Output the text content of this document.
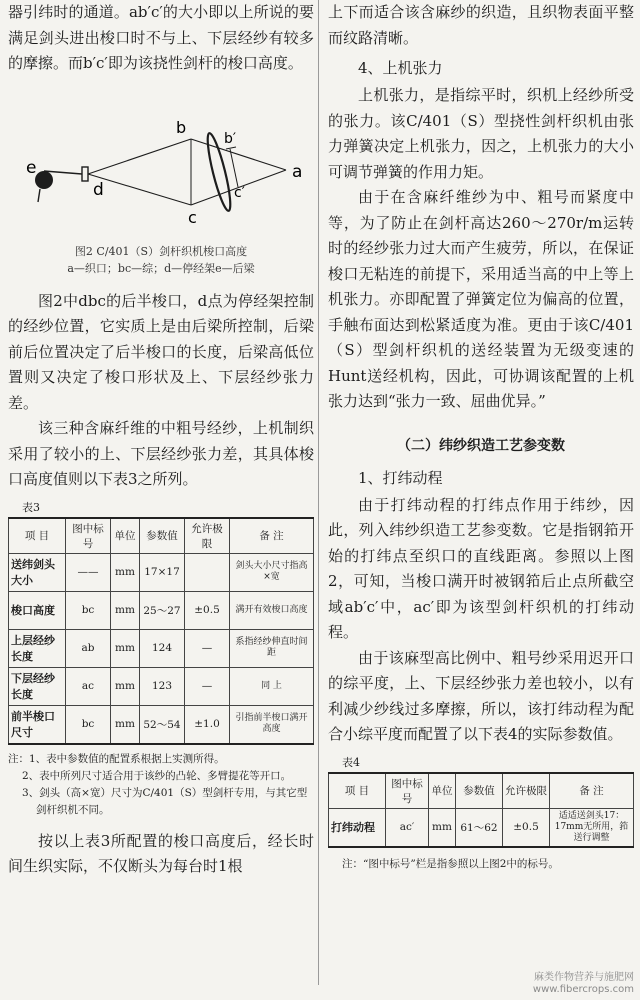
器引纬时的通道。ab′c′的大小即以上所说的要满足剑头进出梭口时不与上、下层经纱有较多的摩擦。而b′c′即为该挠性剑杆的梭口高度。

e
d
b
c
b′
c′
a
图2 C/401（S）剑杆织机梭口高度
a—织口；bc—综；d—停经架e—后梁

图2中dbc的后半梭口，d点为停经架控制的经纱位置，它实质上是由后梁所控制，后梁前后位置决定了后半梭口的长度，后梁高低位置则又决定了梭口形状及上、下层经纱张力差。

该三种含麻纤维的中粗号经纱，上机制织采用了较小的上、下层经纱张力差，其具体梭口高度值则以下表3之所列。

表3
项 目	图中标号	单位	参数值	允许极限	备 注
送纬剑头大小	——	mm	17×17		剑头大小尺寸指高×宽
梭口高度	bc	mm	25～27	±0.5	满开有效梭口高度
上层经纱长度	ab	mm	124	—	系指经纱伸直时间距
下层经纱长度	ac	mm	123	—	同 上
前半梭口尺寸	bc	mm	52～54	±1.0	引指前半梭口满开高度
注：1、表中参数值的配置系根据上实测所得。
2、表中所列尺寸适合用于该纱的凸轮、多臂提花等开口。
3、剑头（高×宽）尺寸为C/401（S）型剑杆专用，与其它型剑杆织机不同。

按以上表3所配置的梭口高度后，经长时间生织实际，不仅断头为每台时1根

上下而适合该含麻纱的织造，且织物表面平整而纹路清晰。

4、上机张力

上机张力，是指综平时，织机上经纱所受的张力。该C/401（S）型挠性剑杆织机由张力弹簧决定上机张力，因之，上机张力的大小可调节弹簧的作用力矩。

由于在含麻纤维纱为中、粗号而紧度中等，为了防止在剑杆高达260～270r/m运转时的经纱张力过大而产生疲劳，所以，在保证梭口无粘连的前提下，采用适当高的中上等上机张力。亦即配置了弹簧定位为偏高的位置，手触布面达到松紧适度为准。更由于该C/401（S）型剑杆织机的送经装置为无级变速的Hunt送经机构，因此，可协调该配置的上机张力达到“张力一致、屈曲优异。”

（二）纬纱织造工艺参变数
1、打纬动程

由于打纬动程的打纬点作用于纬纱，因此，列入纬纱织造工艺参变数。它是指钢筘开始的打纬点至织口的直线距离。参照以上图2，可知，当梭口满开时被钢筘后止点所截空域ab′c′中，ac′即为该型剑杆织机的打纬动程。

由于该麻型高比例中、粗号纱采用迟开口的综平度，上、下层经纱张力差也较小，以有利减少纱线过多摩擦，所以，该打纬动程为配合小综平度而配置了以下表4的实际参数值。

表4
项 目	图中标号	单位	参数值	允许极限	备 注
打纬动程	ac′	mm	61～62	±0.5	适适送剑头17：17mm无所用，筘送行调整
注：“图中标号”栏是指参照以上图2中的标号。
麻类作物营养与施肥网
www.fibercrops.com
